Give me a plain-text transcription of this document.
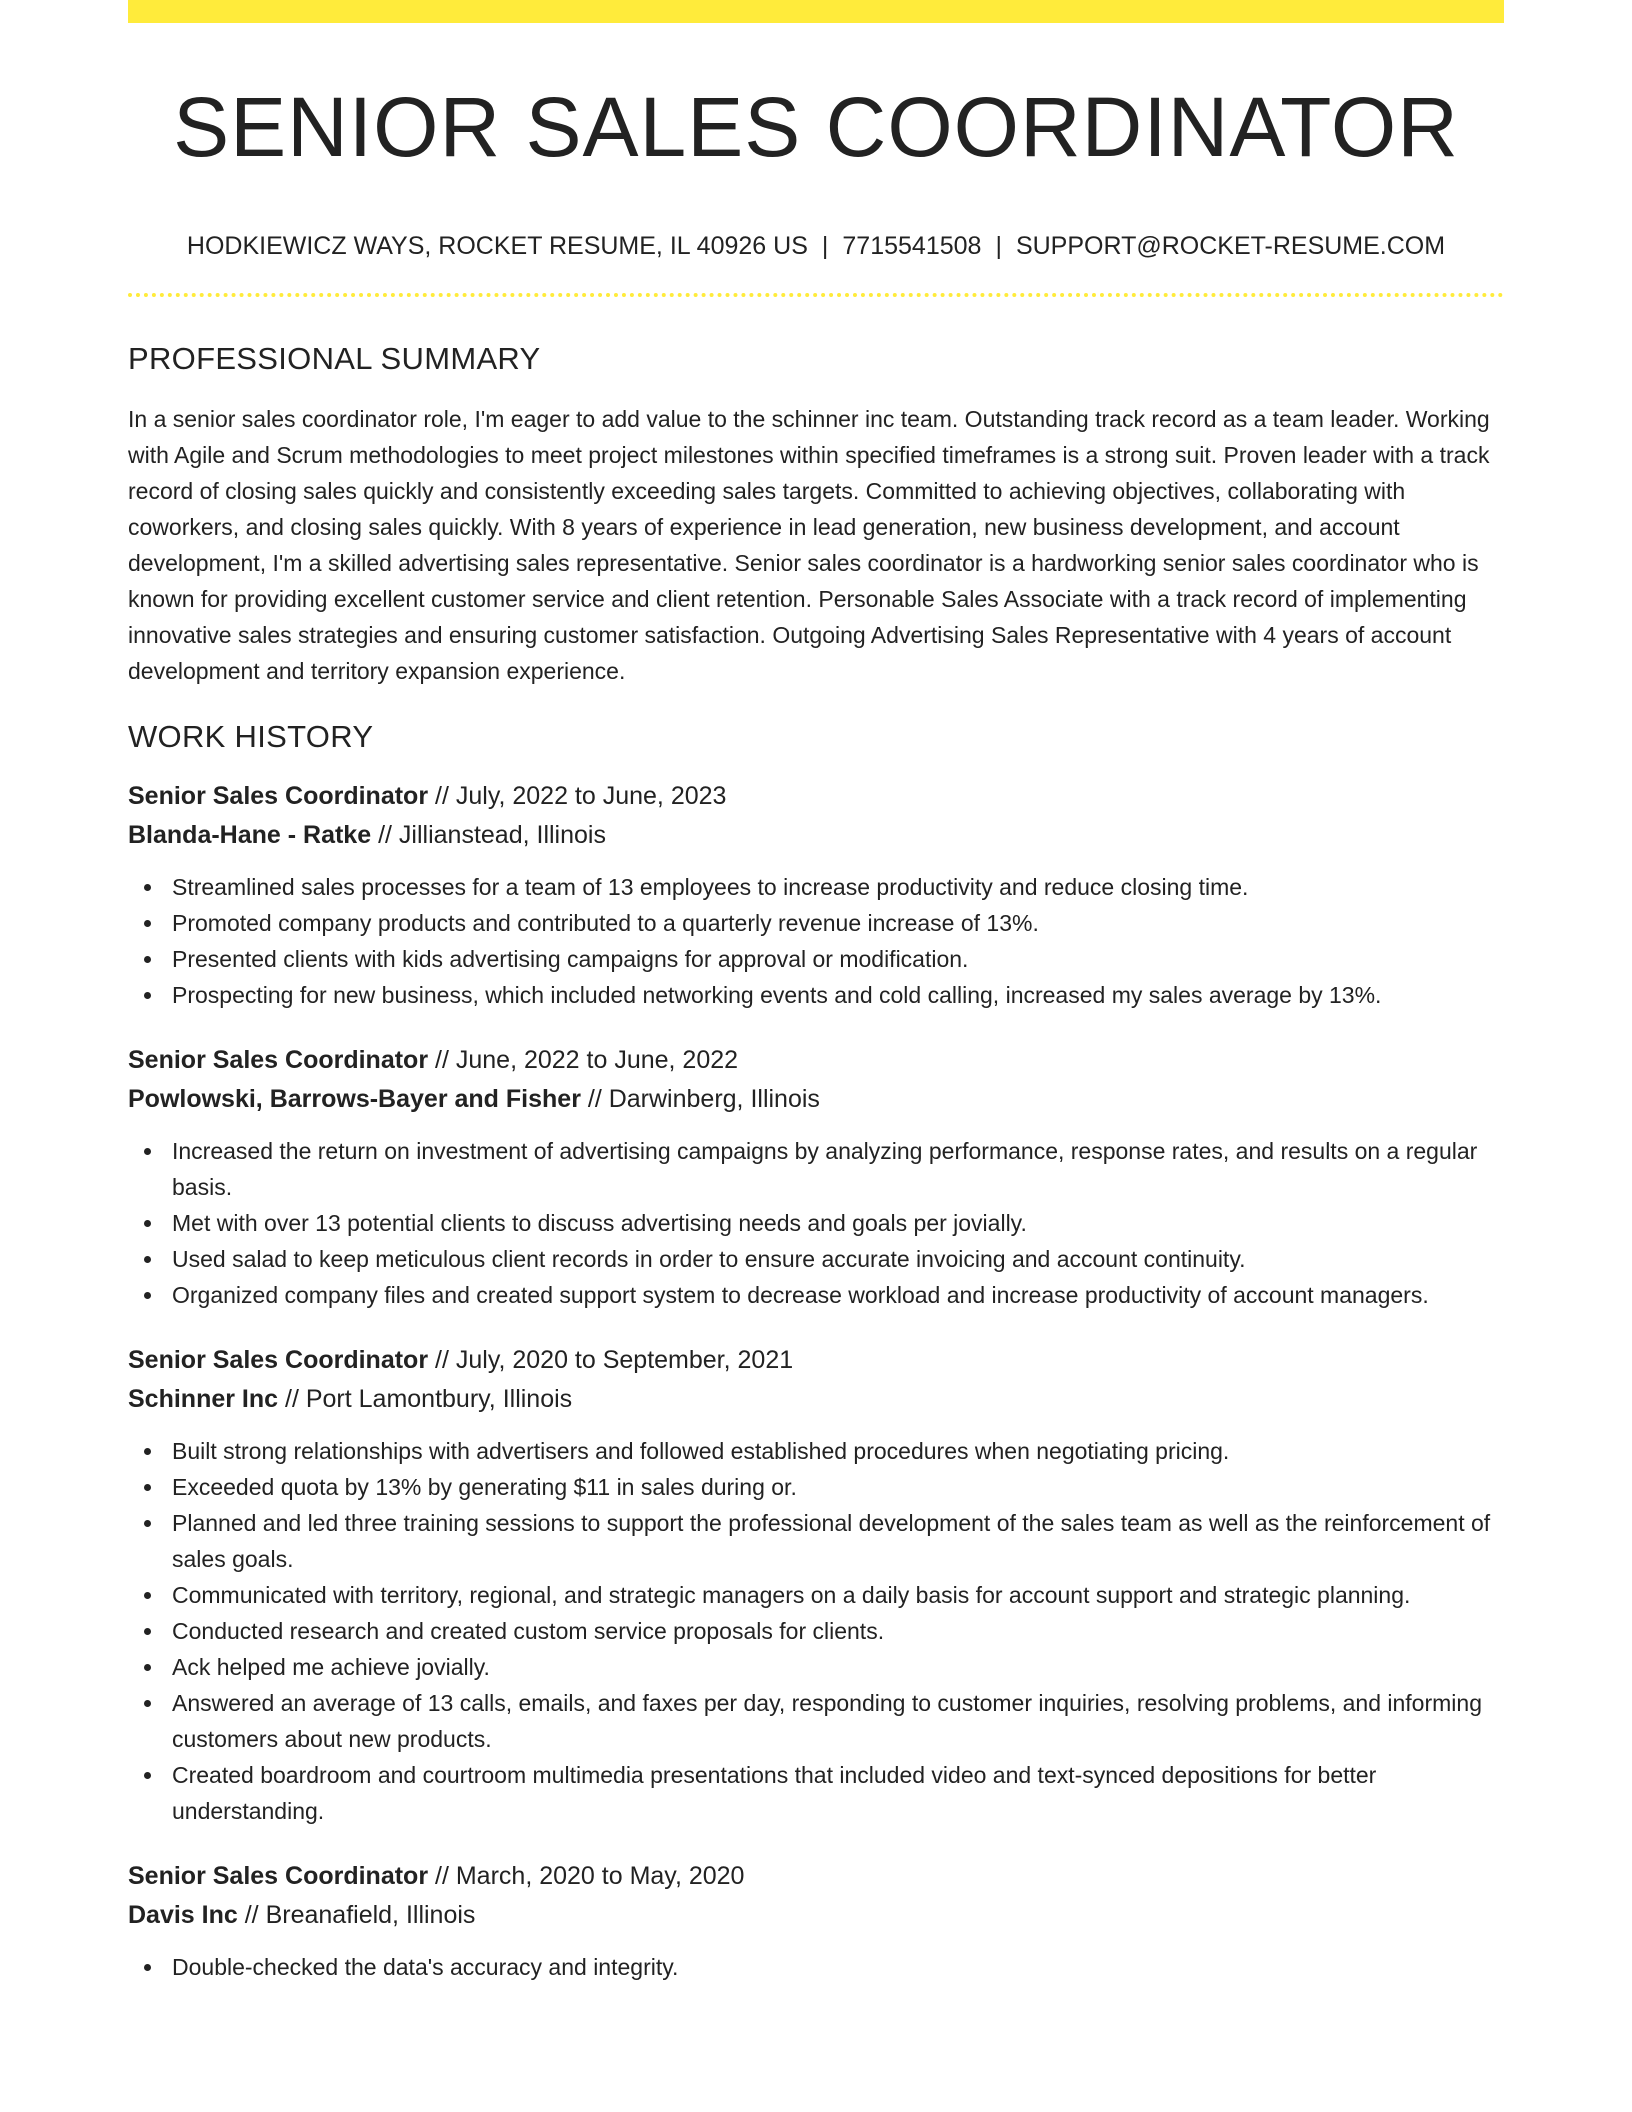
SENIOR SALES COORDINATOR
HODKIEWICZ WAYS, ROCKET RESUME, IL 40926 US | 7715541508 | SUPPORT@ROCKET-RESUME.COM
PROFESSIONAL SUMMARY

In a senior sales coordinator role, I'm eager to add value to the schinner inc team. Outstanding track record as a team leader. Working with Agile and Scrum methodologies to meet project milestones within specified timeframes is a strong suit. Proven leader with a track record of closing sales quickly and consistently exceeding sales targets. Committed to achieving objectives, collaborating with coworkers, and closing sales quickly. With 8 years of experience in lead generation, new business development, and account development, I'm a skilled advertising sales representative. Senior sales coordinator is a hardworking senior sales coordinator who is known for providing excellent customer service and client retention. Personable Sales Associate with a track record of implementing innovative sales strategies and ensuring customer satisfaction. Outgoing Advertising Sales Representative with 4 years of account development and territory expansion experience.

WORK HISTORY
Senior Sales Coordinator // July, 2022 to June, 2023
Blanda-Hane - Ratke // Jillianstead, Illinois
Streamlined sales processes for a team of 13 employees to increase productivity and reduce closing time.
Promoted company products and contributed to a quarterly revenue increase of 13%.
Presented clients with kids advertising campaigns for approval or modification.
Prospecting for new business, which included networking events and cold calling, increased my sales average by 13%.
Senior Sales Coordinator // June, 2022 to June, 2022
Powlowski, Barrows-Bayer and Fisher // Darwinberg, Illinois
Increased the return on investment of advertising campaigns by analyzing performance, response rates, and results on a regular basis.
Met with over 13 potential clients to discuss advertising needs and goals per jovially.
Used salad to keep meticulous client records in order to ensure accurate invoicing and account continuity.
Organized company files and created support system to decrease workload and increase productivity of account managers.
Senior Sales Coordinator // July, 2020 to September, 2021
Schinner Inc // Port Lamontbury, Illinois
Built strong relationships with advertisers and followed established procedures when negotiating pricing.
Exceeded quota by 13% by generating $11 in sales during or.
Planned and led three training sessions to support the professional development of the sales team as well as the reinforcement of sales goals.
Communicated with territory, regional, and strategic managers on a daily basis for account support and strategic planning.
Conducted research and created custom service proposals for clients.
Ack helped me achieve jovially.
Answered an average of 13 calls, emails, and faxes per day, responding to customer inquiries, resolving problems, and informing customers about new products.
Created boardroom and courtroom multimedia presentations that included video and text-synced depositions for better understanding.
Senior Sales Coordinator // March, 2020 to May, 2020
Davis Inc // Breanafield, Illinois
Double-checked the data's accuracy and integrity.
